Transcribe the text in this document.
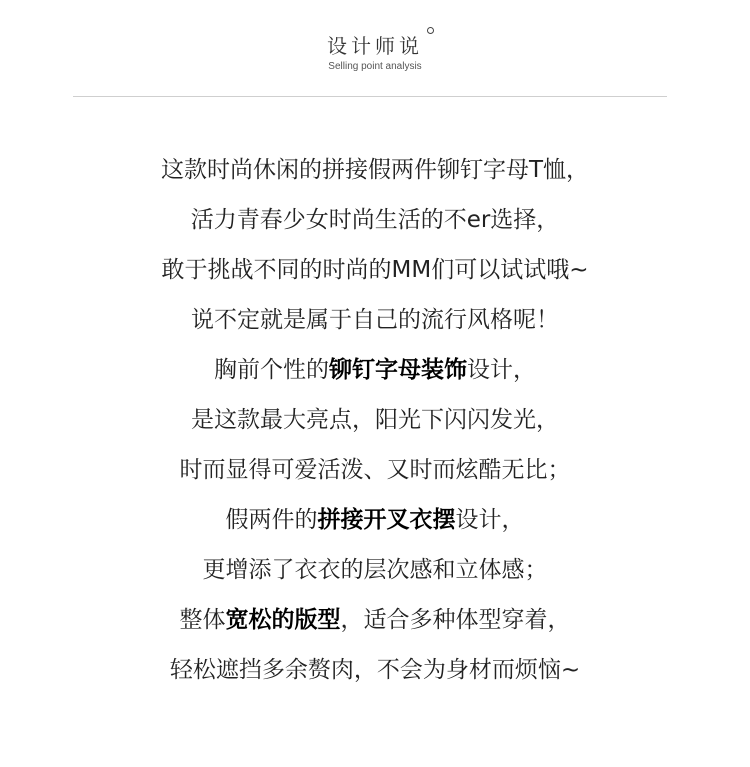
设计师说
Selling point analysis
这款时尚休闲的拼接假两件铆钉字母T恤，
活力青春少女时尚生活的不er选择，
敢于挑战不同的时尚的MM们可以试试哦~
说不定就是属于自己的流行风格呢！
胸前个性的铆钉字母装饰设计，
是这款最大亮点，阳光下闪闪发光，
时而显得可爱活泼、又时而炫酷无比；
假两件的拼接开叉衣摆设计，
更增添了衣衣的层次感和立体感；
整体宽松的版型，适合多种体型穿着，
轻松遮挡多余赘肉，不会为身材而烦恼~
